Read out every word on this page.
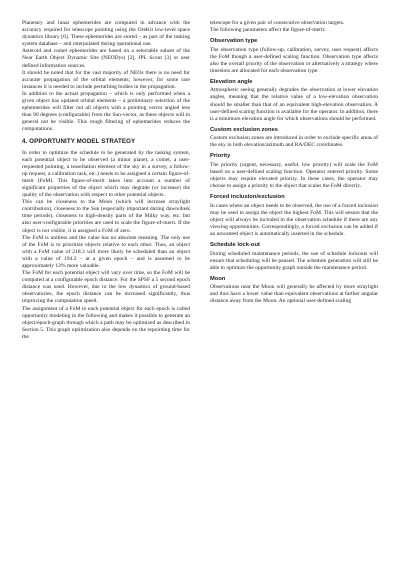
Planetary and lunar ephemerides are computed in advance with the accuracy required for telescope pointing using the OreKit low-level space dynamics library [6]. These ephemerides are stored – as part of the tasking system database – and interpolated during operational use.

Asteroid and comet ephemerides are based on a selectable subset of the Near Earth Object Dynamic Site (NEODys) [2], JPL Scout [3] or user defined information sources.

It should be noted that for the vast majority of NEOs there is no need for accurate propagation of the orbital elements; however, for some rare instances it is needed to include perturbing bodies in the propagation.

In addition to the actual propagation – which is only performed when a given object has updated orbital elements – a preliminary selection of the ephemerides will filter out all objects with a pointing vector angled less than 90 degrees (configurable) from the Sun-vector, as these objects will in general not be visible. This rough filtering of ephemerides reduces the computations.

4. OPPORTUNITY MODEL STRATEGY

In order to optimize the schedule to be generated by the tasking system, each potential object to be observed (a minor planet, a comet, a user-requested pointing, a tessellation element of the sky in a survey, a follow-up request, a calibration task, etc.) needs to be assigned a certain figure-of-merit (FoM). This figure-of-merit takes into account a number of significant properties of the object which may degrade (or increase) the quality of the observation with respect to other potential objects.

This can be closeness to the Moon (which will increase straylight contribution), closeness to the Sun (especially important during dawn/dusk time periods), closeness to high-density parts of the Milky way, etc. but also user-configurable priorities are used to scale the figure-of-merit. If the object is not visible, it is assigned a FoM of zero.

The FoM is unitless and the value has no absolute meaning. The only use of the FoM is to prioritize objects relative to each other. Thus, an object with a FoM value of 218.3 will more likely be scheduled than an object with a value of 194.2 – at a given epoch – and is assumed to be approximately 12% more valuable.

The FoM for each potential object will vary over time, so the FoM will be computed at a configurable epoch distance. For the SPSF a 5 second epoch distance was used. However, due to the low dynamics of ground-based observatories, the epoch distance can be increased significantly, thus improving the computation speed.

The assignment of a FoM to each potential object for each epoch is called opportunity modeling in the following and makes it possible to generate an object/epoch-graph through which a path may be optimized as described in Section 5. This graph optimization also depends on the repointing time for the

telescope for a given pair of consecutive observation targets.

The following parameters affect the figure-of-merit:

Observation type

The observation type (follow-up, calibration, survey, user request) affects the FoM though a user-defined scaling function. Observation type affects also the overall priority of the observation or alternatively a strategy where timeslots are allocated for each observation type.

Elevation angle

Atmospheric seeing generally degrades the observation at lower elevation angles, meaning that the relative value of a low-elevation observation should be smaller than that of an equivalent high-elevation observation. A user-defined scaling function is available for the operator. In addition, there is a minimum elevation angle for which observations should be performed.

Custom exclusion zones

Custom exclusion zones are introduced in order to exclude specific areas of the sky in both elevation/azimuth and RA/DEC coordinates.

Priority

The priority (urgent, necessary, useful, low priority) will scale the FoM based on a user-defined scaling function. Operator entered priority. Some objects may require elevated priority. In these cases, the operator may choose to assign a priority to the object that scales the FoM directly.

Forced inclusion/exclusion

In cases where an object needs to be observed, the use of a forced inclusion may be used to assign the object the highest FoM. This will ensure that the object will always be included in the observation schedule if there are any viewing opportunities. Correspondingly, a forced exclusion can be added if an unwanted object is automatically inserted in the schedule.

Schedule lock-out

During scheduled maintenance periods, the use of schedule lockouts will ensure that scheduling will be paused. The schedule generation will still be able to optimize the opportunity graph outside the maintenance period.

Moon

Observations near the Moon will generally be affected by more straylight and thus have a lower value than equivalent observations at farther angular distance away from the Moon. An optional user-defined scaling
